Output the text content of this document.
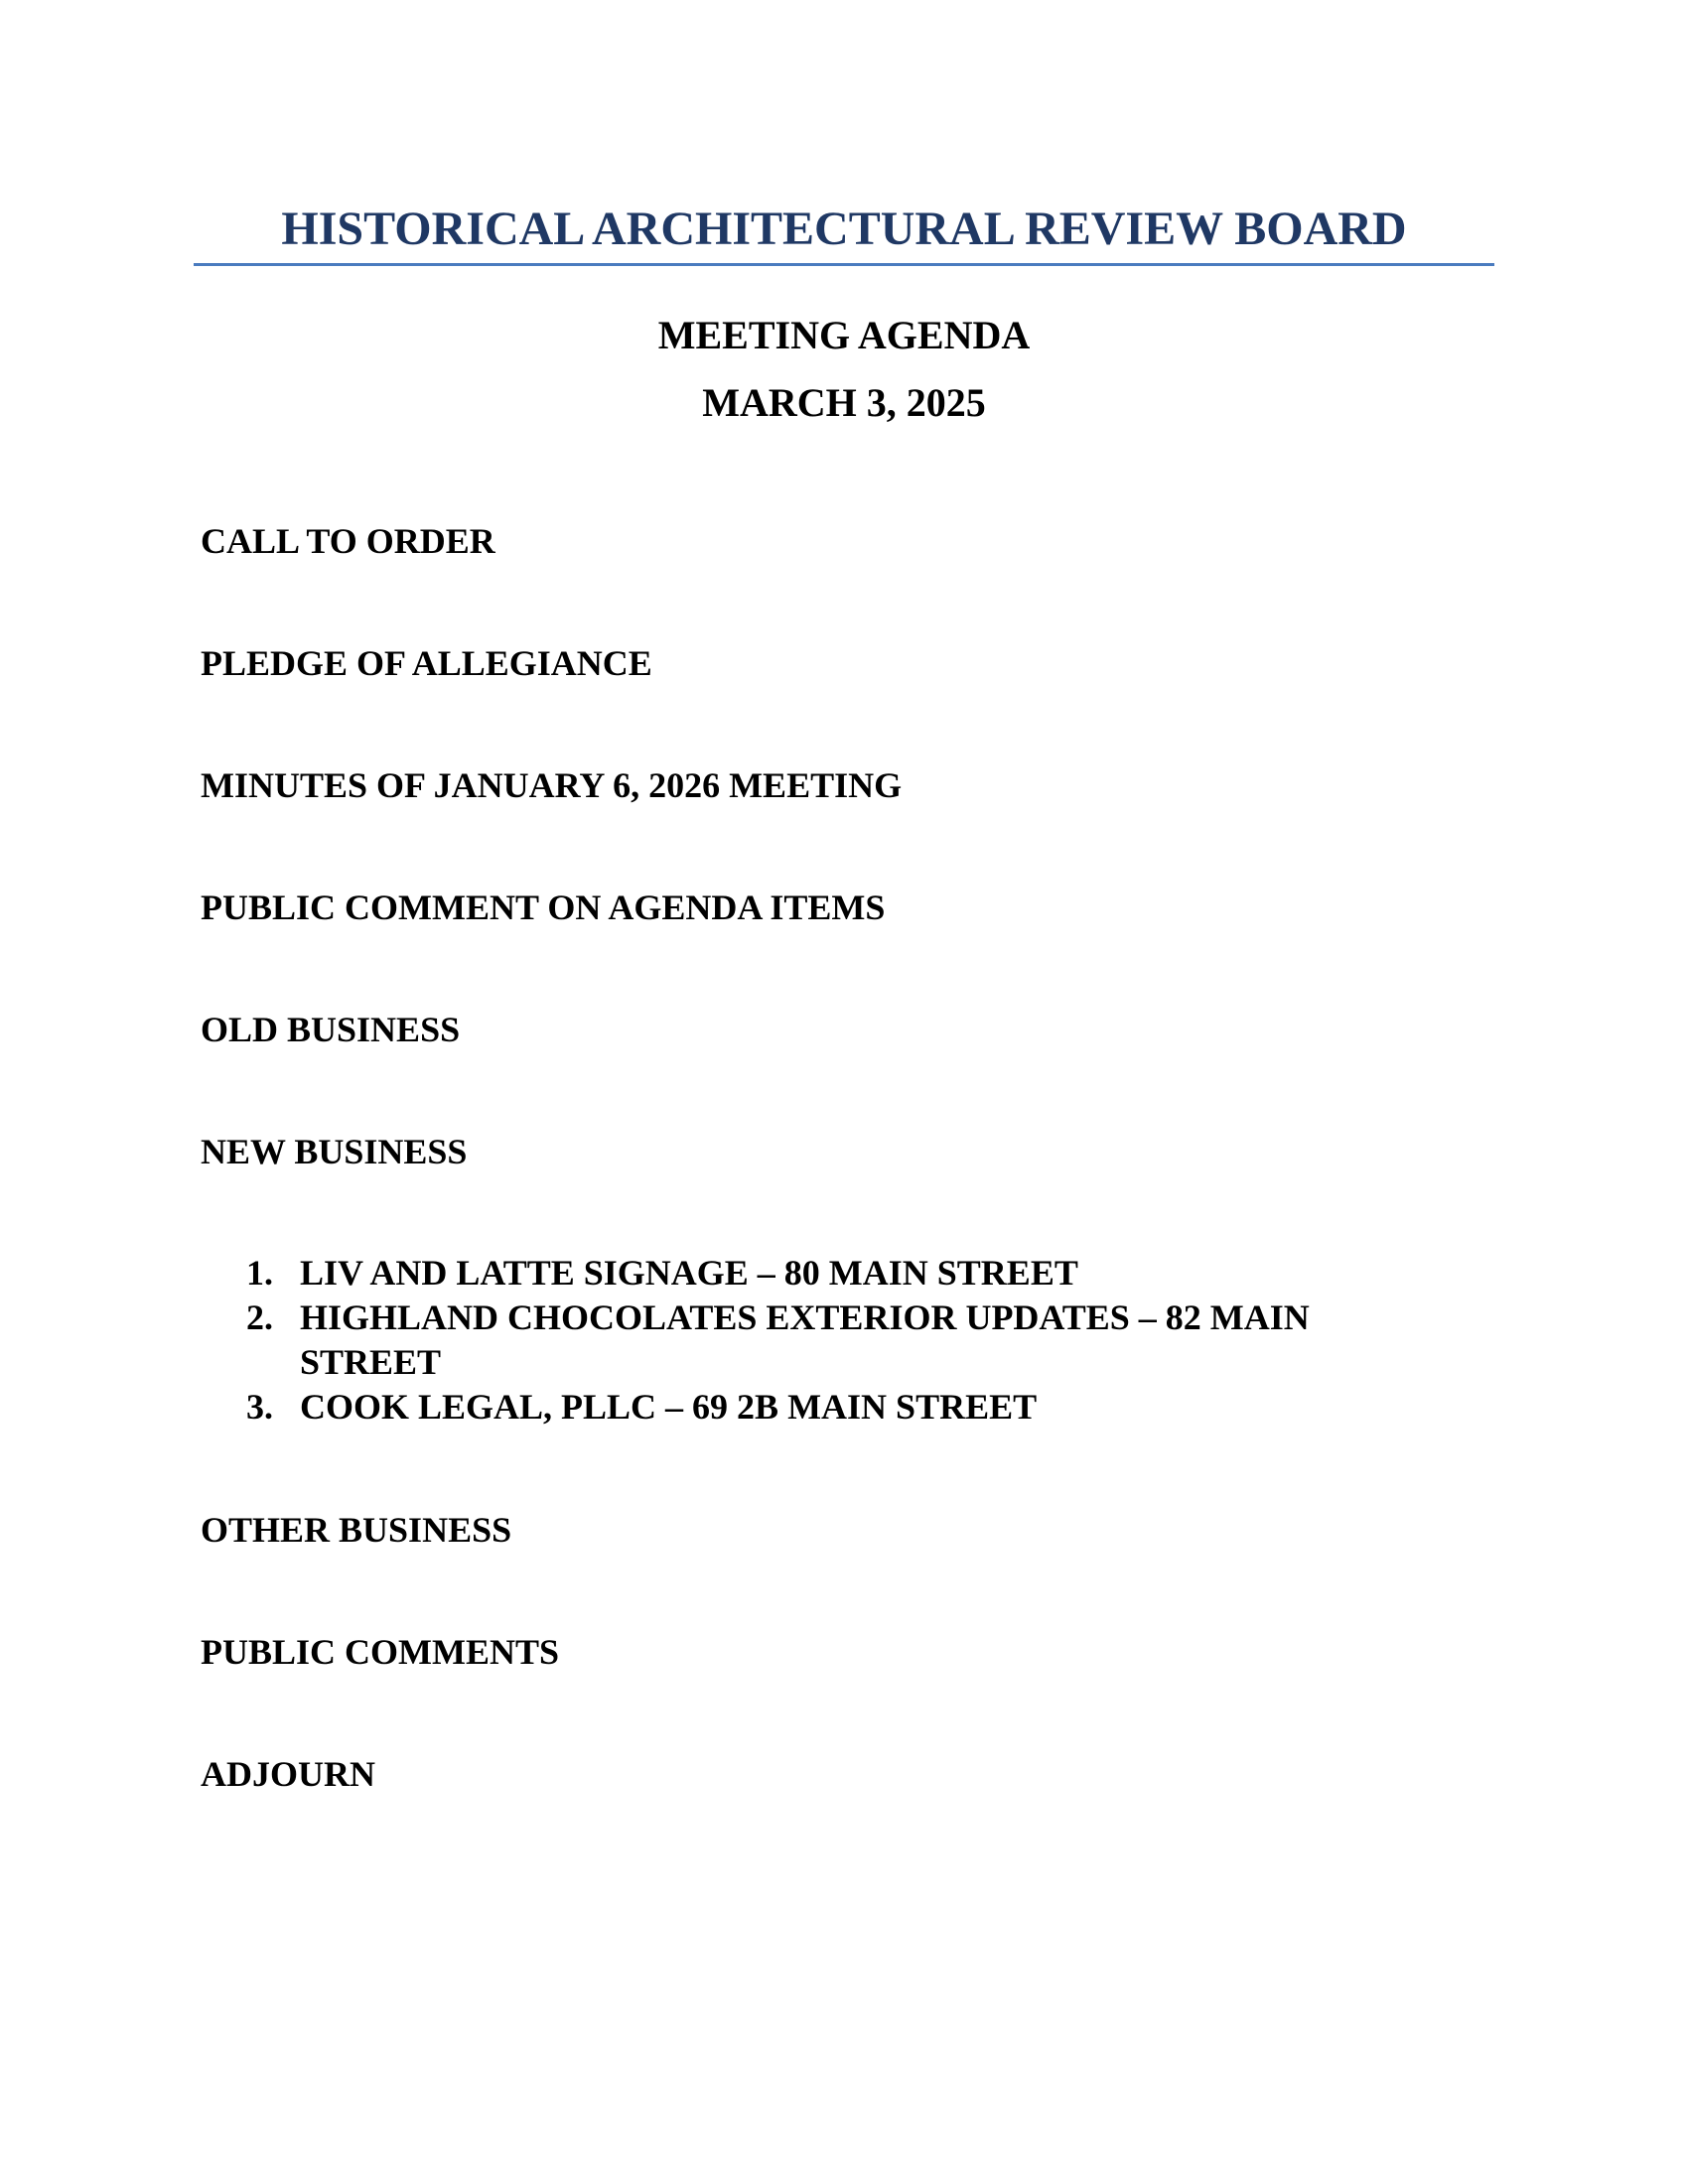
HISTORICAL ARCHITECTURAL REVIEW BOARD
MEETING AGENDA
MARCH 3, 2025

CALL TO ORDER

PLEDGE OF ALLEGIANCE

MINUTES OF JANUARY 6, 2026 MEETING

PUBLIC COMMENT ON AGENDA ITEMS

OLD BUSINESS

NEW BUSINESS

1. LIV AND LATTE SIGNAGE – 80 MAIN STREET
2. HIGHLAND CHOCOLATES EXTERIOR UPDATES – 82 MAIN
STREET
3. COOK LEGAL, PLLC – 69 2B MAIN STREET

OTHER BUSINESS

PUBLIC COMMENTS

ADJOURN
